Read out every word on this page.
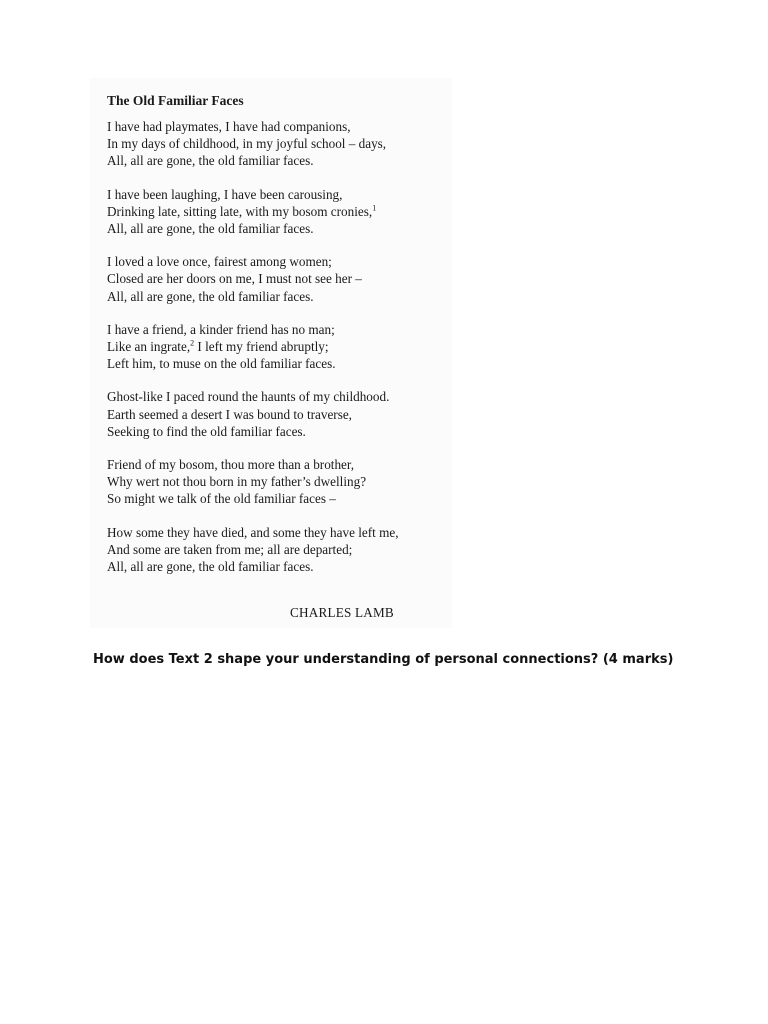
The Old Familiar Faces
I have had playmates, I have had companions,
In my days of childhood, in my joyful school – days,
All, all are gone, the old familiar faces.
I have been laughing, I have been carousing,
Drinking late, sitting late, with my bosom cronies,$^1$
All, all are gone, the old familiar faces.
I loved a love once, fairest among women;
Closed are her doors on me, I must not see her –
All, all are gone, the old familiar faces.
I have a friend, a kinder friend has no man;
Like an ingrate,$^2$ I left my friend abruptly;
Left him, to muse on the old familiar faces.
Ghost-like I paced round the haunts of my childhood.
Earth seemed a desert I was bound to traverse,
Seeking to find the old familiar faces.
Friend of my bosom, thou more than a brother,
Why wert not thou born in my father’s dwelling?
So might we talk of the old familiar faces –
How some they have died, and some they have left me,
And some are taken from me; all are departed;
All, all are gone, the old familiar faces.
CHARLES LAMB
How does Text 2 shape your understanding of personal connections? (4 marks)
